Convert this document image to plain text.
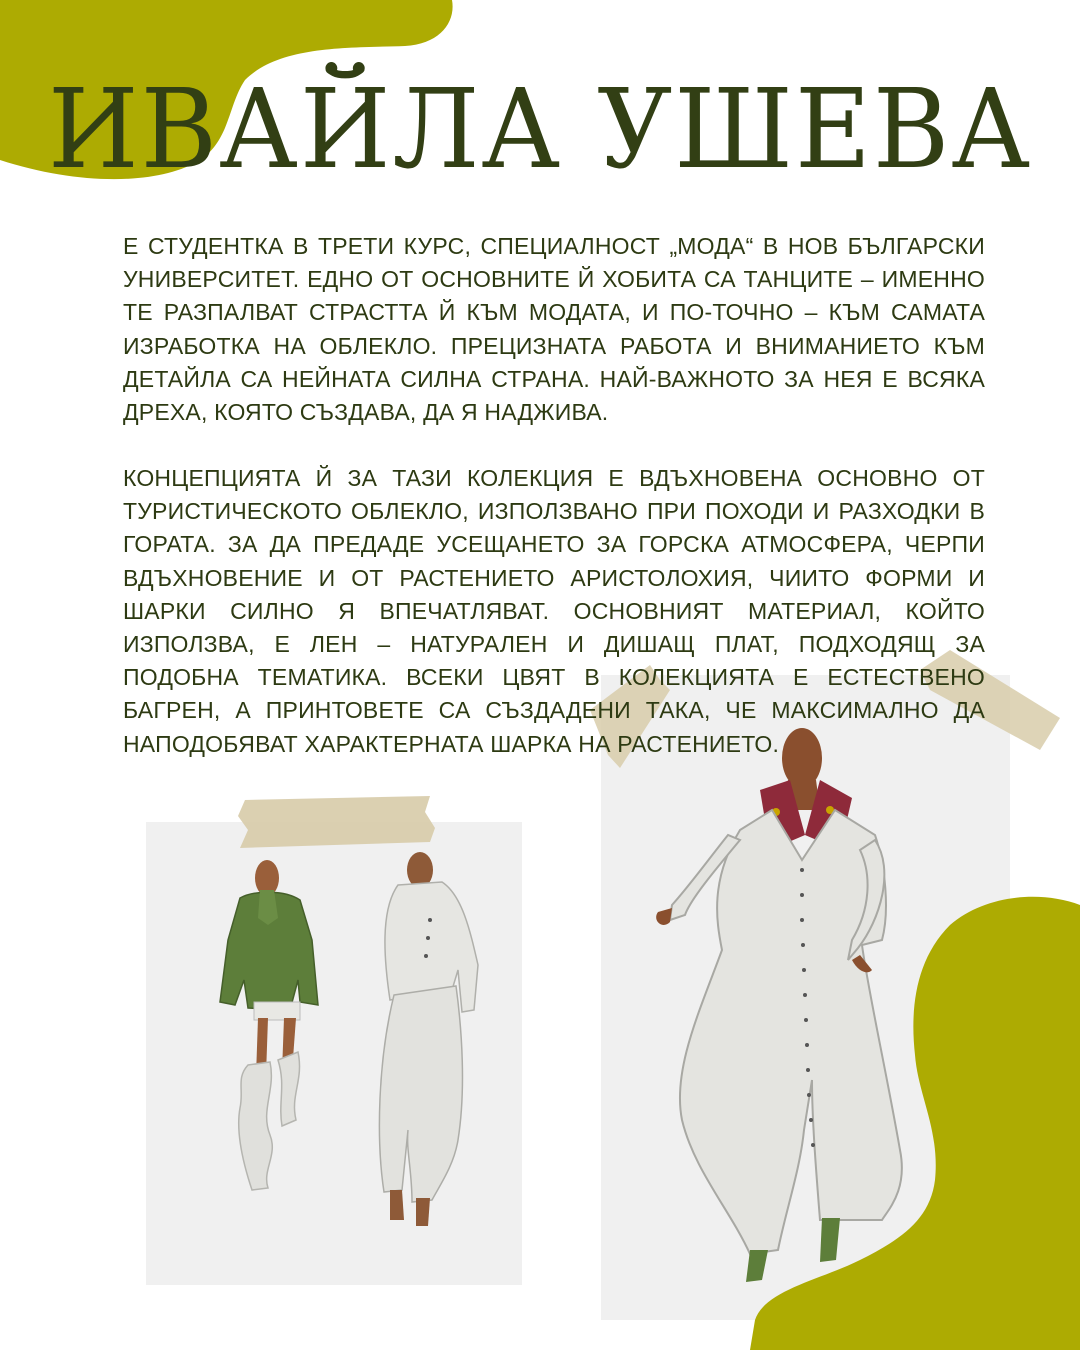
ИВАЙЛА УШЕВА

Е СТУДЕНТКА В ТРЕТИ КУРС, СПЕЦИАЛНОСТ „МОДА“ В НОВ БЪЛГАРСКИ УНИВЕРСИТЕТ. ЕДНО ОТ ОСНОВНИТЕ Й ХОБИТА СА ТАНЦИТЕ – ИМЕННО ТЕ РАЗПАЛВАТ СТРАСТТА Й КЪМ МОДАТА, И ПО-ТОЧНО – КЪМ САМАТА ИЗРАБОТКА НА ОБЛЕКЛО. ПРЕЦИЗНАТА РАБОТА И ВНИМАНИЕТО КЪМ ДЕТАЙЛА СА НЕЙНАТА СИЛНА СТРАНА. НАЙ-ВАЖНОТО ЗА НЕЯ Е ВСЯКА ДРЕХА, КОЯТО СЪЗДАВА, ДА Я НАДЖИВА.

КОНЦЕПЦИЯТА Й ЗА ТАЗИ КОЛЕКЦИЯ Е ВДЪХНОВЕНА ОСНОВНО ОТ ТУРИСТИЧЕСКОТО ОБЛЕКЛО, ИЗПОЛЗВАНО ПРИ ПОХОДИ И РАЗХОДКИ В ГОРАТА. ЗА ДА ПРЕДАДЕ УСЕЩАНЕТО ЗА ГОРСКА АТМОСФЕРА, ЧЕРПИ ВДЪХНОВЕНИЕ И ОТ РАСТЕНИЕТО АРИСТОЛОХИЯ, ЧИИТО ФОРМИ И ШАРКИ СИЛНО Я ВПЕЧАТЛЯВАТ. ОСНОВНИЯТ МАТЕРИАЛ, КОЙТО ИЗПОЛЗВА, Е ЛЕН – НАТУРАЛЕН И ДИШАЩ ПЛАТ, ПОДХОДЯЩ ЗА ПОДОБНА ТЕМАТИКА. ВСЕКИ ЦВЯТ В КОЛЕКЦИЯТА Е ЕСТЕСТВЕНО БАГРЕН, А ПРИНТОВЕТЕ СА СЪЗДАДЕНИ ТАКА, ЧЕ МАКСИМАЛНО ДА НАПОДОБЯВАТ ХАРАКТЕРНАТА ШАРКА НА РАСТЕНИЕТО.
